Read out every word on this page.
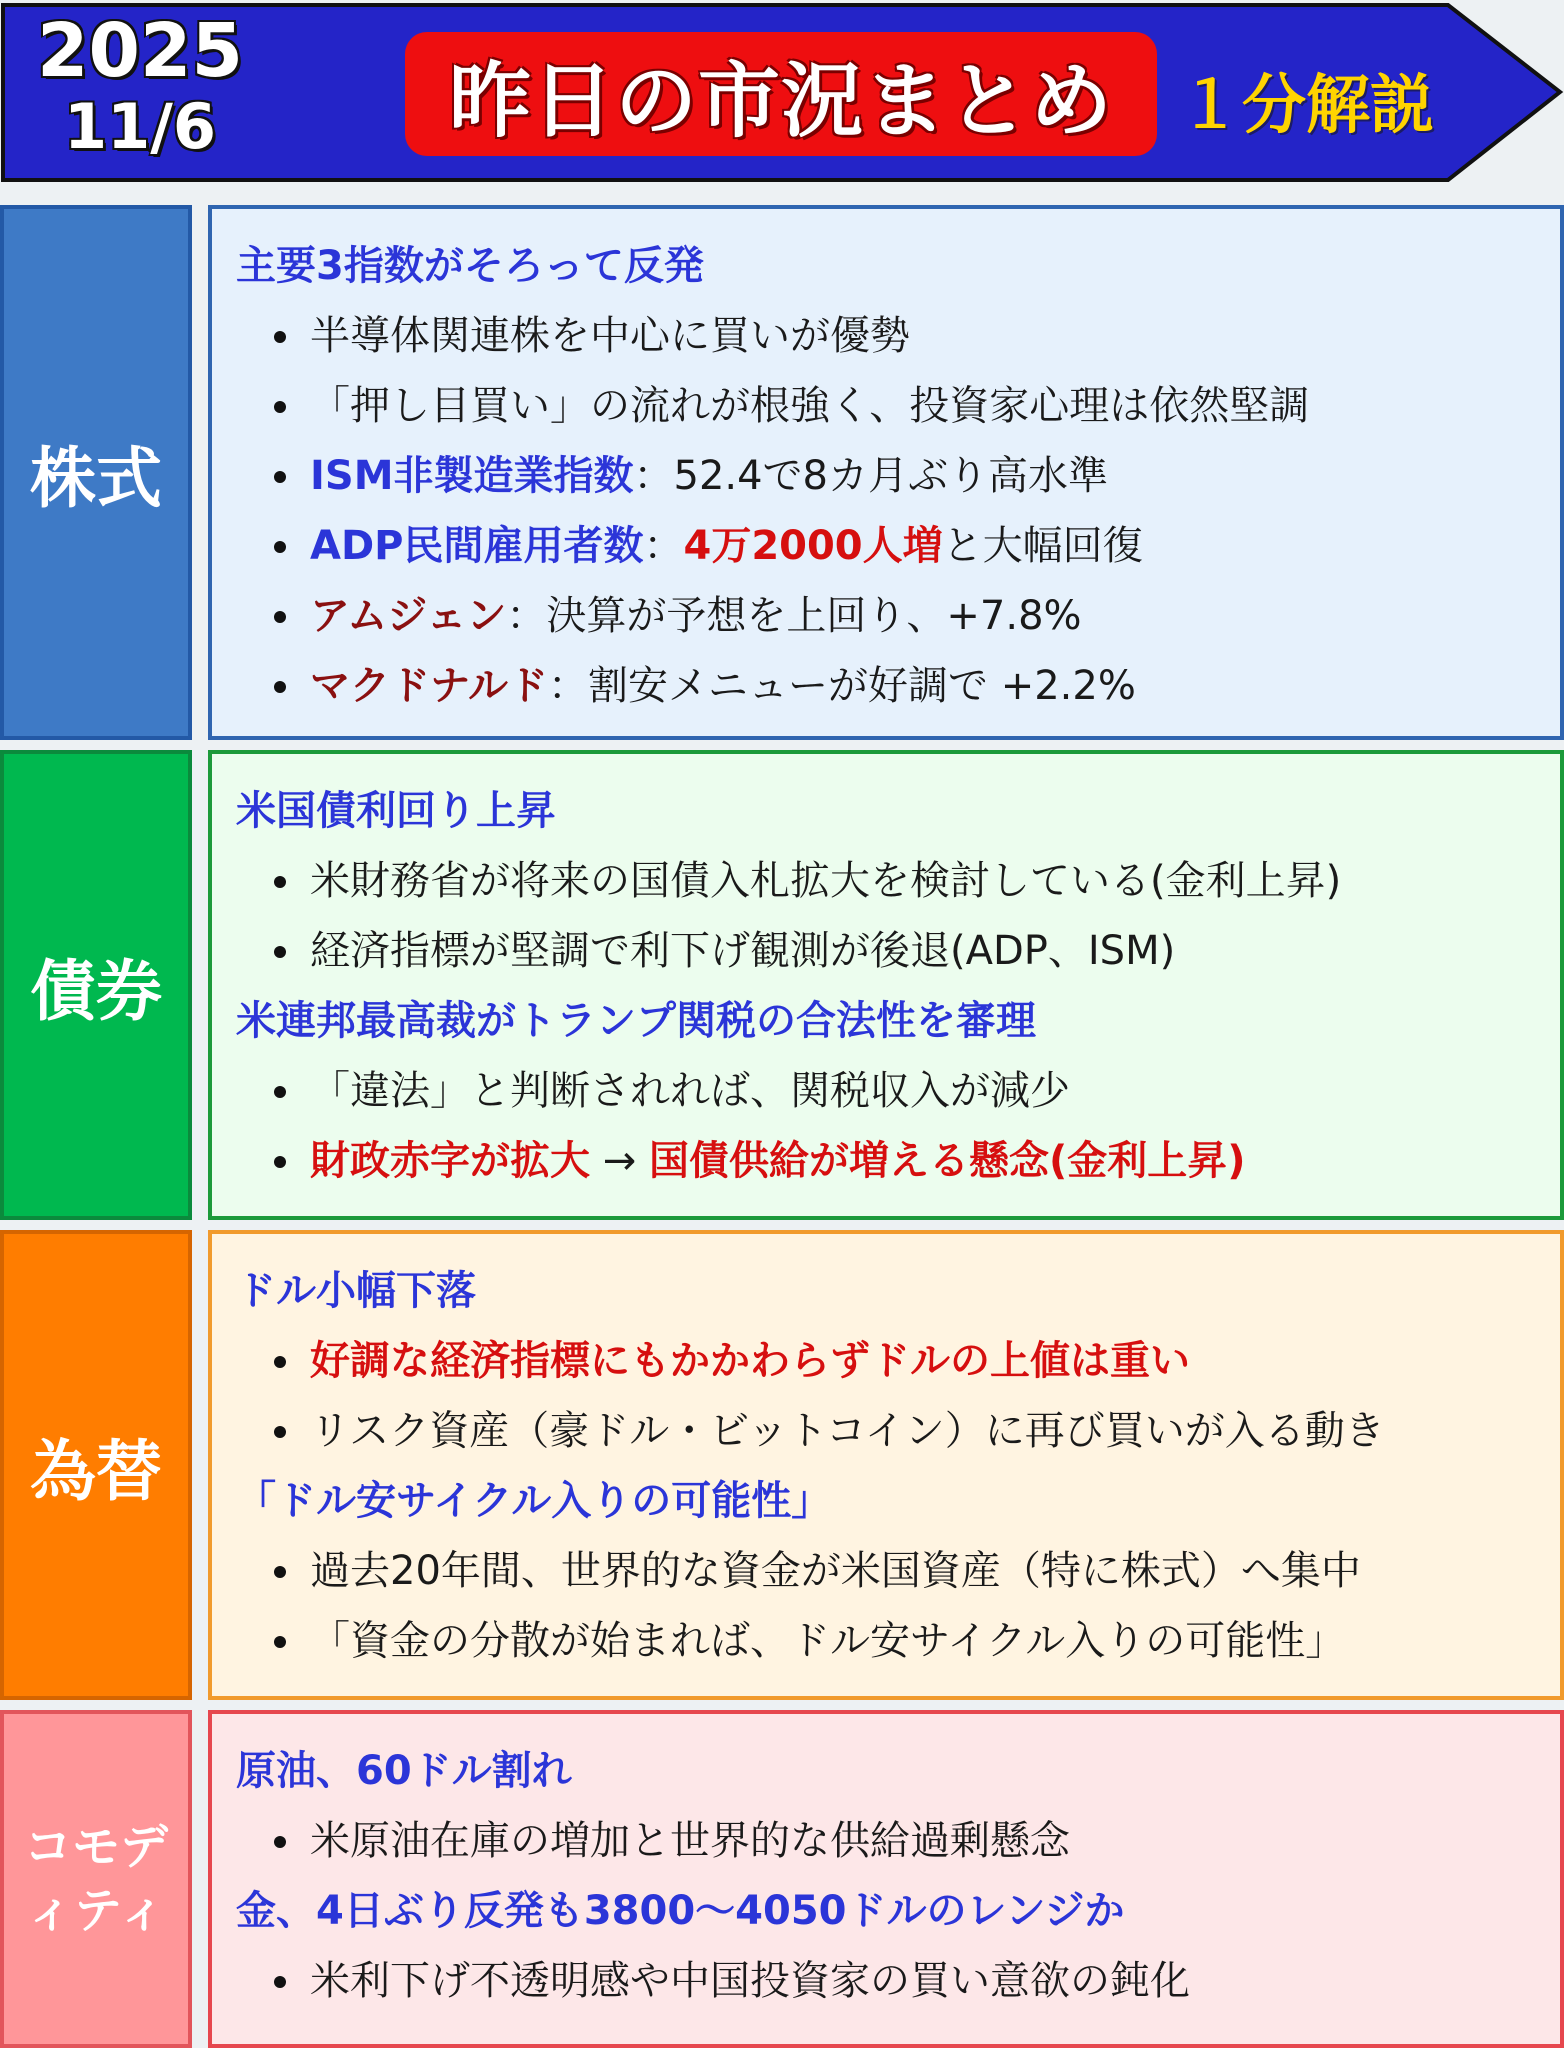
2025
11/6	昨日の市況まとめ １分解説
株式
主要3指数がそろって反発
半導体関連株を中心に買いが優勢
「押し目買い」の流れが根強く、投資家心理は依然堅調
ISM非製造業指数：52.4で8カ月ぶり高水準
ADP民間雇用者数：4万2000人増と大幅回復
アムジェン：決算が予想を上回り、+7.8%
マクドナルド：割安メニューが好調で +2.2%
債券
米国債利回り上昇
米財務省が将来の国債入札拡大を検討している(金利上昇)
経済指標が堅調で利下げ観測が後退(ADP、ISM)
米連邦最高裁がトランプ関税の合法性を審理
「違法」と判断されれば、関税収入が減少
財政赤字が拡大 → 国債供給が増える懸念(金利上昇)
為替
ドル小幅下落
好調な経済指標にもかかわらずドルの上値は重い
リスク資産（豪ドル・ビットコイン）に再び買いが入る動き
「ドル安サイクル入りの可能性」
過去20年間、世界的な資金が米国資産（特に株式）へ集中
「資金の分散が始まれば、ドル安サイクル入りの可能性」
コモデ
ィティ
原油、60ドル割れ
米原油在庫の増加と世界的な供給過剰懸念
金、4日ぶり反発も3800〜4050ドルのレンジか
米利下げ不透明感や中国投資家の買い意欲の鈍化
